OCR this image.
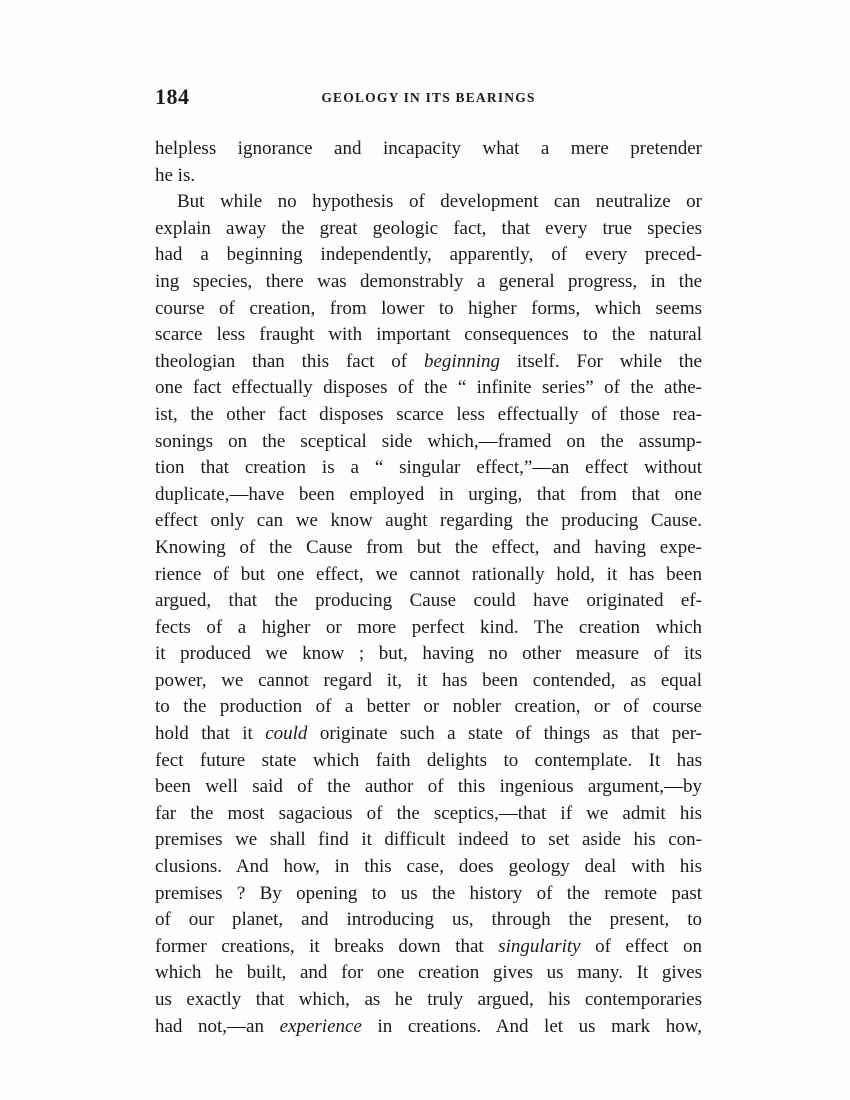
184	GEOLOGY IN ITS BEARINGS
helpless ignorance and incapacity what a mere pretender
he is.
But while no hypothesis of development can neutralize or
explain away the great geologic fact, that every true species
had a beginning independently, apparently, of every preced-
ing species, there was demonstrably a general progress, in the
course of creation, from lower to higher forms, which seems
scarce less fraught with important consequences to the natural
theologian than this fact of beginning itself. For while the
one fact effectually disposes of the “ infinite series” of the athe-
ist, the other fact disposes scarce less effectually of those rea-
sonings on the sceptical side which,—framed on the assump-
tion that creation is a “ singular effect,”—an effect without
duplicate,—have been employed in urging, that from that one
effect only can we know aught regarding the producing Cause.
Knowing of the Cause from but the effect, and having expe-
rience of but one effect, we cannot rationally hold, it has been
argued, that the producing Cause could have originated ef-
fects of a higher or more perfect kind. The creation which
it produced we know ; but, having no other measure of its
power, we cannot regard it, it has been contended, as equal
to the production of a better or nobler creation, or of course
hold that it could originate such a state of things as that per-
fect future state which faith delights to contemplate. It has
been well said of the author of this ingenious argument,—by
far the most sagacious of the sceptics,—that if we admit his
premises we shall find it difficult indeed to set aside his con-
clusions. And how, in this case, does geology deal with his
premises ? By opening to us the history of the remote past
of our planet, and introducing us, through the present, to
former creations, it breaks down that singularity of effect on
which he built, and for one creation gives us many. It gives
us exactly that which, as he truly argued, his contemporaries
had not,—an experience in creations. And let us mark how,
